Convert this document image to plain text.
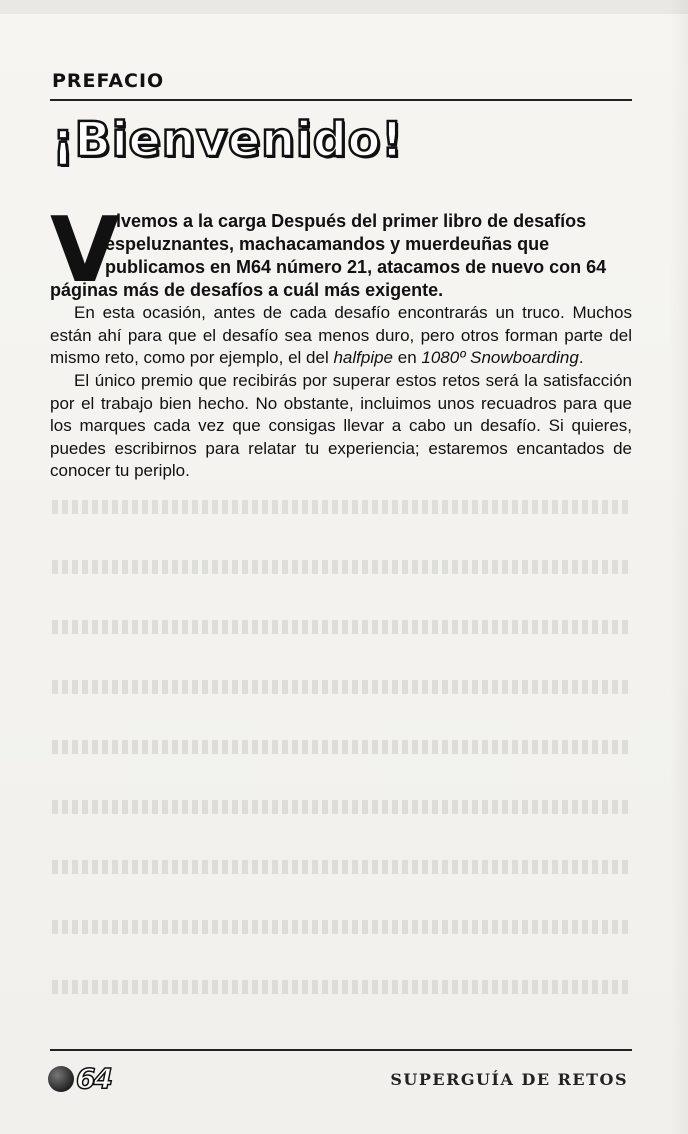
PREFACIO
¡Bienvenido!
V
olvemos a la carga Después del primer libro de desafíos espeluznantes, machacamandos y muerdeuñas que publicamos en M64 número 21, atacamos de nuevo con 64
páginas más de desafíos a cuál más exigente.
En esta ocasión, antes de cada desafío encontrarás un truco. Muchos están ahí para que el desafío sea menos duro, pero otros forman parte del mismo reto, como por ejemplo, el del halfpipe en 1080º Snowboarding.
El único premio que recibirás por superar estos retos será la satisfacción por el trabajo bien hecho. No obstante, incluimos unos recuadros para que los marques cada vez que consigas llevar a cabo un desafío. Si quieres, puedes escribirnos para relatar tu experiencia; estaremos encantados de conocer tu periplo.
64	SUPERGUÍA DE RETOS
